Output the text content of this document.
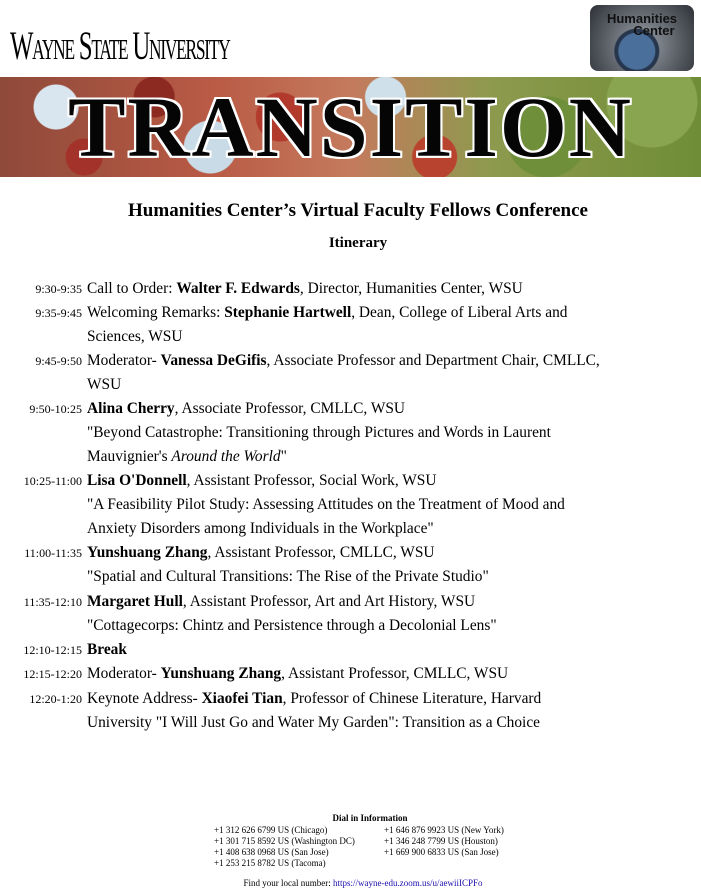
Wayne State University
Humanities
Center
TRANSITION
Humanities Center’s Virtual Faculty Fellows Conference
Itinerary
9:30-9:35 Call to Order: Walter F. Edwards, Director, Humanities Center, WSU
9:35-9:45 Welcoming Remarks: Stephanie Hartwell, Dean, College of Liberal Arts and Sciences, WSU
9:45-9:50 Moderator- Vanessa DeGifis, Associate Professor and Department Chair, CMLLC, WSU
9:50-10:25 Alina Cherry, Associate Professor, CMLLC, WSU
"Beyond Catastrophe: Transitioning through Pictures and Words in Laurent Mauvignier's Around the World"
10:25-11:00 Lisa O'Donnell, Assistant Professor, Social Work, WSU
"A Feasibility Pilot Study: Assessing Attitudes on the Treatment of Mood and Anxiety Disorders among Individuals in the Workplace"
11:00-11:35 Yunshuang Zhang, Assistant Professor, CMLLC, WSU
"Spatial and Cultural Transitions: The Rise of the Private Studio"
11:35-12:10 Margaret Hull, Assistant Professor, Art and Art History, WSU
"Cottagecorps: Chintz and Persistence through a Decolonial Lens"
12:10-12:15 Break
12:15-12:20 Moderator- Yunshuang Zhang, Assistant Professor, CMLLC, WSU
12:20-1:20 Keynote Address- Xiaofei Tian, Professor of Chinese Literature, Harvard University "I Will Just Go and Water My Garden": Transition as a Choice
Dial in Information
+1 312 626 6799 US (Chicago)
+1 301 715 8592 US (Washington DC)
+1 408 638 0968 US (San Jose)
+1 253 215 8782 US (Tacoma)
+1 646 876 9923 US (New York)
+1 346 248 7799 US (Houston)
+1 669 900 6833 US (San Jose)
Find your local number: https://wayne-edu.zoom.us/u/aewiiICPFo
